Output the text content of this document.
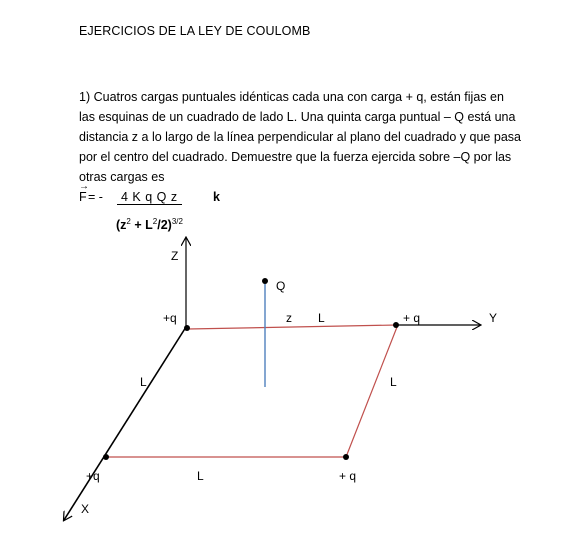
EJERCICIOS DE LA LEY DE COULOMB

1) Cuatros cargas puntuales idénticas cada una con carga + q, están fijas en

las esquinas de un cuadrado de lado L. Una quinta carga puntual – Q está una

distancia z a lo largo de la línea perpendicular al plano del cuadrado y que pasa

por el centro del cuadrado. Demuestre que la fuerza ejercida sobre –Q por las

otras cargas es

→
F = -	4 K q Q z	k
$(z^2 + L^2/2)^{3/2}$
Z
Y
X
Q
+q	+ q
+q	+ q
z L
L	L
L
